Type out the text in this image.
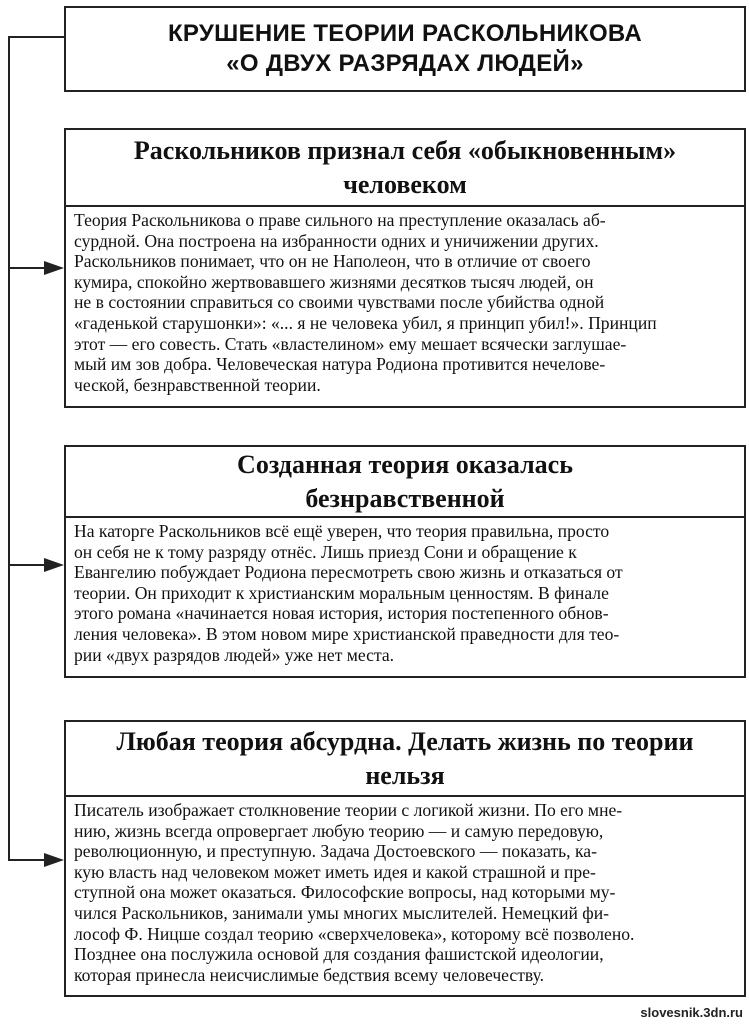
КРУШЕНИЕ ТЕОРИИ РАСКОЛЬНИКОВА
«О ДВУХ РАЗРЯДАХ ЛЮДЕЙ»
Раскольников признал себя «обыкновенным»
человеком
Теория Раскольникова о праве сильного на преступление оказалась аб-
сурдной. Она построена на избранности одних и уничижении других.
Раскольников понимает, что он не Наполеон, что в отличие от своего
кумира, спокойно жертвовавшего жизнями десятков тысяч людей, он
не в состоянии справиться со своими чувствами после убийства одной
«гаденькой старушонки»: «... я не человека убил, я принцип убил!». Принцип
этот — его совесть. Стать «властелином» ему мешает всячески заглушае-
мый им зов добра. Человеческая натура Родиона противится нечелове-
ческой, безнравственной теории.
Созданная теория оказалась
безнравственной
На каторге Раскольников всё ещё уверен, что теория правильна, просто
он себя не к тому разряду отнёс. Лишь приезд Сони и обращение к
Евангелию побуждает Родиона пересмотреть свою жизнь и отказаться от
теории. Он приходит к христианским моральным ценностям. В финале
этого романа «начинается новая история, история постепенного обнов-
ления человека». В этом новом мире христианской праведности для тео-
рии «двух разрядов людей» уже нет места.
Любая теория абсурдна. Делать жизнь по теории
нельзя
Писатель изображает столкновение теории с логикой жизни. По его мне-
нию, жизнь всегда опровергает любую теорию — и самую передовую,
революционную, и преступную. Задача Достоевского — показать, ка-
кую власть над человеком может иметь идея и какой страшной и пре-
ступной она может оказаться. Философские вопросы, над которыми му-
чился Раскольников, занимали умы многих мыслителей. Немецкий фи-
лософ Ф. Ницше создал теорию «сверхчеловека», которому всё позволено.
Позднее она послужила основой для создания фашистской идеологии,
которая принесла неисчислимые бедствия всему человечеству.
slovesnik.3dn.ru
